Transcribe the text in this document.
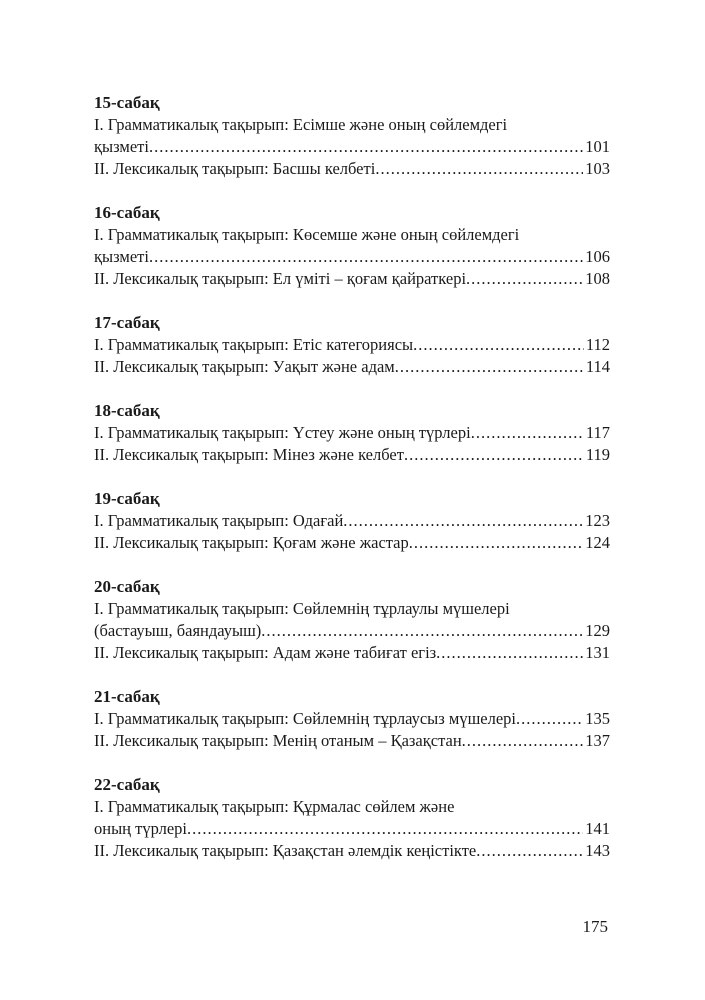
15-сабақ
І. Грамматикалық тақырып: Есімше және оның сөйлемдегі
қызметі .....	101
ІІ. Лексикалық тақырып: Басшы келбеті .....	103
16-сабақ
І. Грамматикалық тақырып: Көсемше және оның сөйлемдегі
қызметі .....	106
ІІ. Лексикалық тақырып: Ел үміті – қоғам қайраткері .....	108
17-сабақ
І. Грамматикалық тақырып: Етіс категориясы .....	112
ІІ. Лексикалық тақырып: Уақыт және адам .....	114
18-сабақ
І. Грамматикалық тақырып: Үстеу және оның түрлері .....	117
ІІ. Лексикалық тақырып: Мінез және келбет .....	119
19-сабақ
І. Грамматикалық тақырып: Одағай .....	123
ІІ. Лексикалық тақырып: Қоғам және жастар .....	124
20-сабақ
І. Грамматикалық тақырып: Сөйлемнің тұрлаулы мүшелері
(бастауыш, баяндауыш) .....	129
ІІ. Лексикалық тақырып: Адам және табиғат егіз .....	131
21-сабақ
І. Грамматикалық тақырып: Сөйлемнің тұрлаусыз мүшелері .....	135
ІІ. Лексикалық тақырып: Менің отаным – Қазақстан .....	137
22-сабақ
І. Грамматикалық тақырып: Құрмалас сөйлем және
оның түрлері .....	141
ІІ. Лексикалық тақырып: Қазақстан әлемдік кеңістікте .....	143
175
